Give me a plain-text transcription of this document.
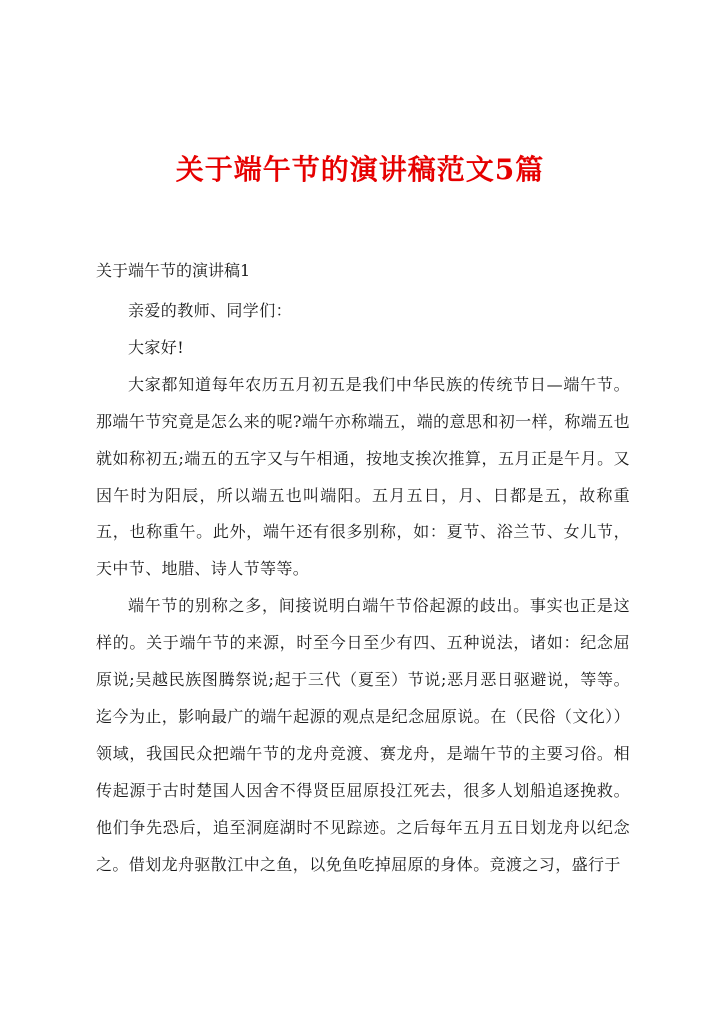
关于端午节的演讲稿范文5篇
关于端午节的演讲稿1

亲爱的教师、同学们：

大家好!

大家都知道每年农历五月初五是我们中华民族的传统节日—端午节。那端午节究竟是怎么来的呢?端午亦称端五，端的意思和初一样，称端五也就如称初五;端五的五字又与午相通，按地支挨次推算，五月正是午月。又因午时为阳辰，所以端五也叫端阳。五月五日，月、日都是五，故称重五，也称重午。此外，端午还有很多别称，如：夏节、浴兰节、女儿节，天中节、地腊、诗人节等等。

端午节的别称之多，间接说明白端午节俗起源的歧出。事实也正是这样的。关于端午节的来源，时至今日至少有四、五种说法，诸如：纪念屈原说;吴越民族图腾祭说;起于三代（夏至）节说;恶月恶日驱避说，等等。迄今为止，影响最广的端午起源的观点是纪念屈原说。在（民俗（文化））领域，我国民众把端午节的龙舟竞渡、赛龙舟，是端午节的主要习俗。相传起源于古时楚国人因舍不得贤臣屈原投江死去，很多人划船追逐挽救。他们争先恐后，追至洞庭湖时不见踪迹。之后每年五月五日划龙舟以纪念之。借划龙舟驱散江中之鱼，以免鱼吃掉屈原的身体。竞渡之习，盛行于
